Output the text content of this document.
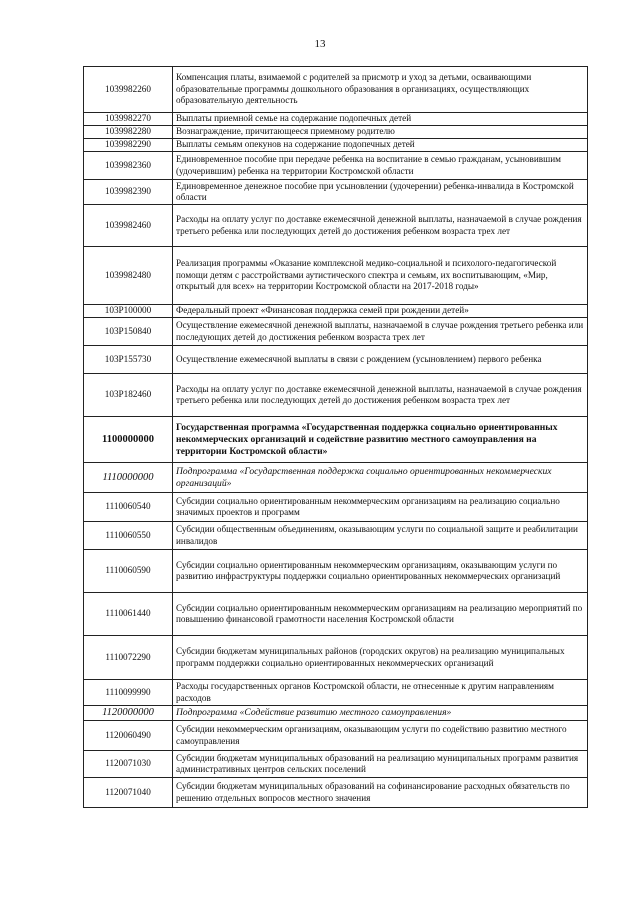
13
1039982260	Компенсация платы, взимаемой с родителей за присмотр и уход за детьми, осваивающими образовательные программы дошкольного образования в организациях, осуществляющих образовательную деятельность
1039982270	Выплаты приемной семье на содержание подопечных детей
1039982280	Вознаграждение, причитающееся приемному родителю
1039982290	Выплаты семьям опекунов на содержание подопечных детей
1039982360	Единовременное пособие при передаче ребенка на воспитание в семью гражданам, усыновившим (удочерившим) ребенка на территории Костромской области
1039982390	Единовременное денежное пособие при усыновлении (удочерении) ребенка-инвалида в Костромской области
1039982460	Расходы на оплату услуг по доставке ежемесячной денежной выплаты, назначаемой в случае рождения третьего ребенка или последующих детей до достижения ребенком возраста трех лет
1039982480	Реализация программы «Оказание комплексной медико-социальной и психолого-педагогической помощи детям с расстройствами аутистического спектра и семьям, их воспитывающим, «Мир, открытый для всех» на территории Костромской области на 2017-2018 годы»
103P100000	Федеральный проект «Финансовая поддержка семей при рождении детей»
103P150840	Осуществление ежемесячной денежной выплаты, назначаемой в случае рождения третьего ребенка или последующих детей до достижения ребенком возраста трех лет
103P155730	Осуществление ежемесячной выплаты в связи с рождением (усыновлением) первого ребенка
103P182460	Расходы на оплату услуг по доставке ежемесячной денежной выплаты, назначаемой в случае рождения третьего ребенка или последующих детей до достижения ребенком возраста трех лет
1100000000	Государственная программа «Государственная поддержка социально ориентированных некоммерческих организаций и содействие развитию местного самоуправления на территории Костромской области»
1110000000	Подпрограмма «Государственная поддержка социально ориентированных некоммерческих организаций»
1110060540	Субсидии социально ориентированным некоммерческим организациям на реализацию социально значимых проектов и программ
1110060550	Субсидии общественным объединениям, оказывающим услуги по социальной защите и реабилитации инвалидов
1110060590	Субсидии социально ориентированным некоммерческим организациям, оказывающим услуги по развитию инфраструктуры поддержки социально ориентированных некоммерческих организаций
1110061440	Субсидии социально ориентированным некоммерческим организациям на реализацию мероприятий по повышению финансовой грамотности населения Костромской области
1110072290	Субсидии бюджетам муниципальных районов (городских округов) на реализацию муниципальных программ поддержки социально ориентированных некоммерческих организаций
1110099990	Расходы государственных органов Костромской области, не отнесенные к другим направлениям расходов
1120000000	Подпрограмма «Содействие развитию местного самоуправления»
1120060490	Субсидии некоммерческим организациям, оказывающим услуги по содействию развитию местного самоуправления
1120071030	Субсидии бюджетам муниципальных образований на реализацию муниципальных программ развития административных центров сельских поселений
1120071040	Субсидии бюджетам муниципальных образований на софинансирование расходных обязательств по решению отдельных вопросов местного значения
